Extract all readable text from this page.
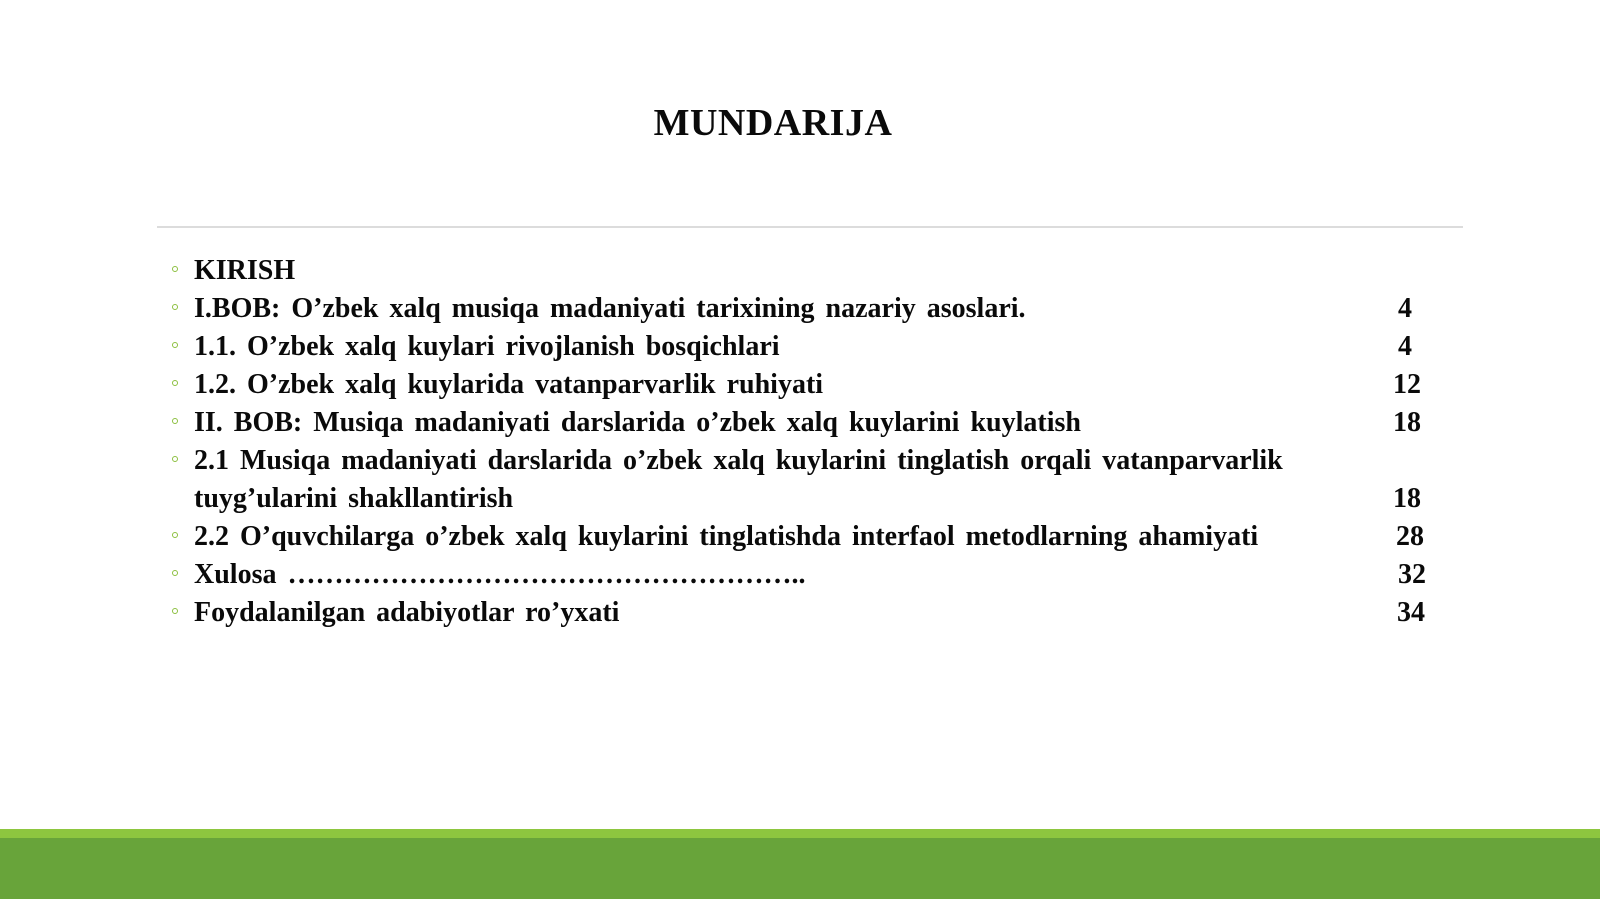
MUNDARIJA
KIRISH
I.BOB: O’zbek xalq musiqa madaniyati tarixining nazariy asoslari.	4
1.1. O’zbek xalq kuylari rivojlanish bosqichlari	4
1.2. O’zbek xalq kuylarida vatanparvarlik ruhiyati	12
II. BOB: Musiqa madaniyati darslarida o’zbek xalq kuylarini kuylatish	18
2.1 Musiqa madaniyati darslarida o’zbek xalq kuylarini tinglatish orqali vatanparvarlik
tuyg’ularini shakllantirish	18
2.2 O’quvchilarga o’zbek xalq kuylarini tinglatishda interfaol metodlarning ahamiyati	28
Xulosa ………………………………………………..	32
Foydalanilgan adabiyotlar ro’yxati	34
